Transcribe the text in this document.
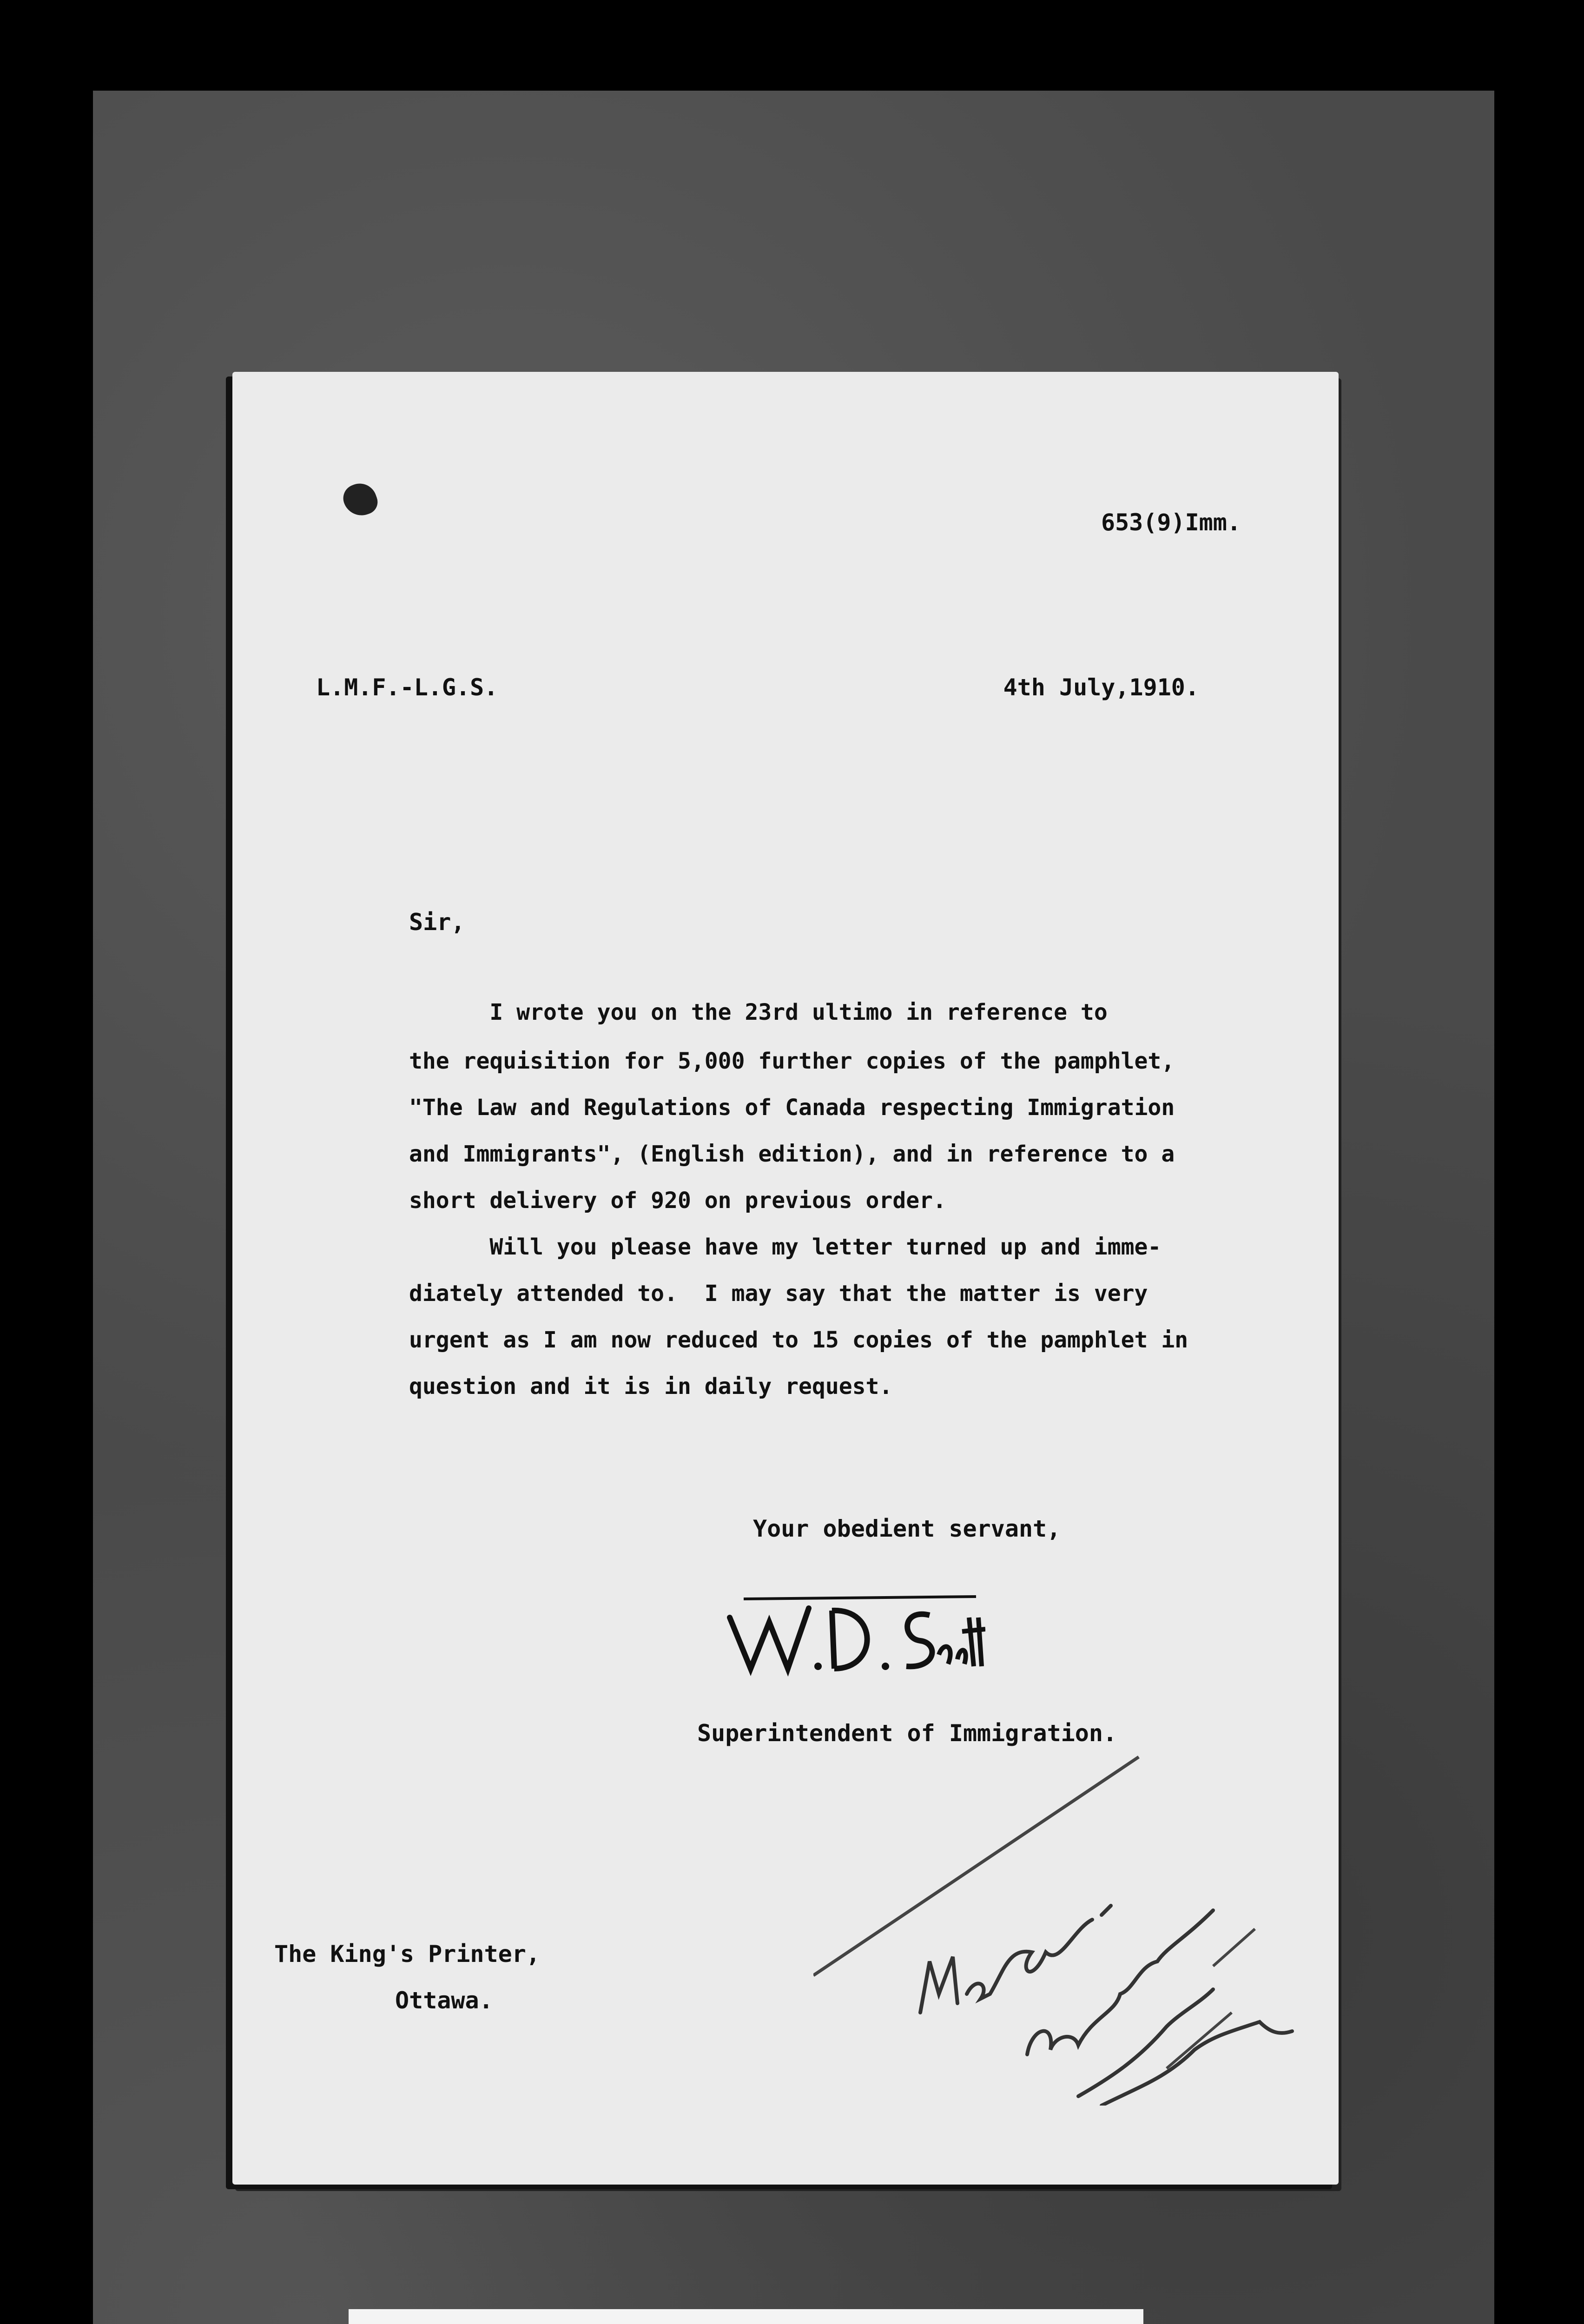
653(9)Imm.

L.M.F.-L.G.S.	4th July,1910.

Sir,

I wrote you on the 23rd ultimo in reference to

the requisition for 5,000 further copies of the pamphlet,

"The Law and Regulations of Canada respecting Immigration

and Immigrants", (English edition), and in reference to a

short delivery of 920 on previous order.

Will you please have my letter turned up and imme-

diately attended to.  I may say that the matter is very

urgent as I am now reduced to 15 copies of the pamphlet in

question and it is in daily request.

Your obedient servant,

Superintendent of Immigration.

The King's Printer,

Ottawa.
